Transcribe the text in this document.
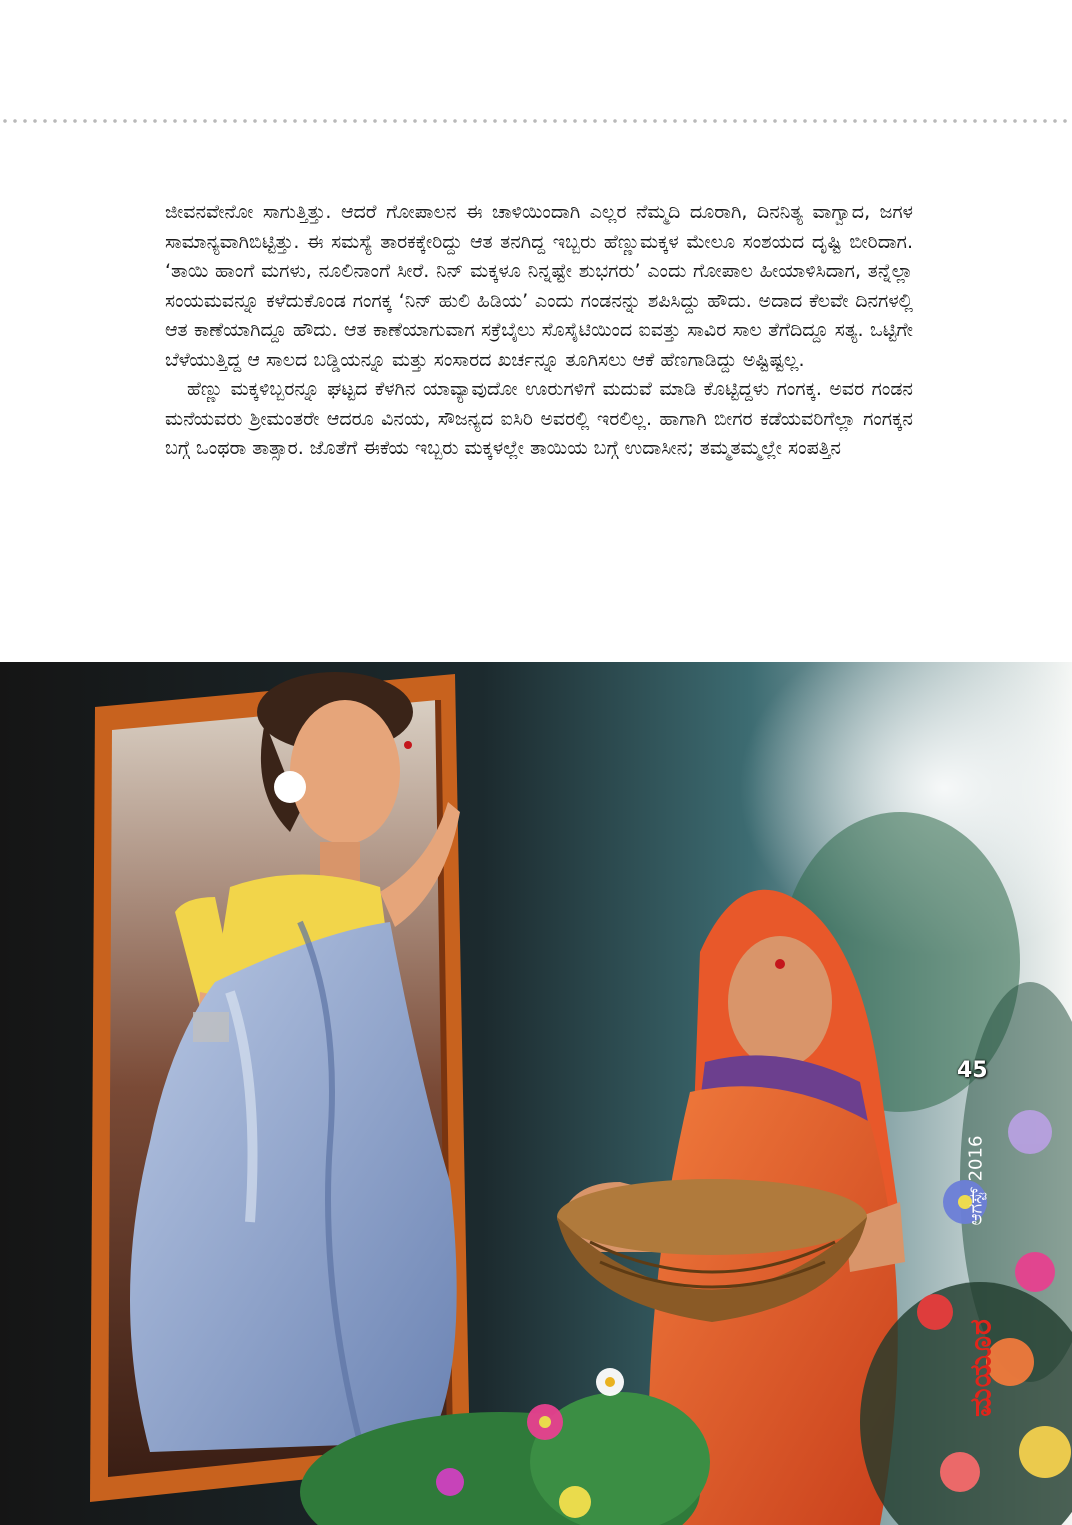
ಜೀವನವೇನೋ ಸಾಗುತ್ತಿತ್ತು. ಆದರೆ ಗೋಪಾಲನ ಈ ಚಾಳಿಯಿಂದಾಗಿ ಎಲ್ಲರ ನೆಮ್ಮದಿ ದೂರಾಗಿ, ದಿನನಿತ್ಯ ವಾಗ್ವಾದ, ಜಗಳ ಸಾಮಾನ್ಯವಾಗಿಬಿಟ್ಟಿತ್ತು. ಈ ಸಮಸ್ಯೆ ತಾರಕಕ್ಕೇರಿದ್ದು ಆತ ತನಗಿದ್ದ ಇಬ್ಬರು ಹೆಣ್ಣುಮಕ್ಕಳ ಮೇಲೂ ಸಂಶಯದ ದೃಷ್ಟಿ ಬೀರಿದಾಗ. ‘ತಾಯಿ ಹಾಂಗೆ ಮಗಳು, ನೂಲಿನಾಂಗೆ ಸೀರೆ. ನಿನ್ ಮಕ್ಕಳೂ ನಿನ್ನಷ್ಟೇ ಶುಭಗರು’ ಎಂದು ಗೋಪಾಲ ಹೀಯಾಳಿಸಿದಾಗ, ತನ್ನೆಲ್ಲಾ ಸಂಯಮವನ್ನೂ ಕಳೆದುಕೊಂಡ ಗಂಗಕ್ಕ ‘ನಿನ್ ಹುಲಿ ಹಿಡಿಯ’ ಎಂದು ಗಂಡನನ್ನು ಶಪಿಸಿದ್ದು ಹೌದು. ಅದಾದ ಕೆಲವೇ ದಿನಗಳಲ್ಲಿ ಆತ ಕಾಣೆಯಾಗಿದ್ದೂ ಹೌದು. ಆತ ಕಾಣೆಯಾಗುವಾಗ ಸಕ್ರೆಬೈಲು ಸೊಸೈಟಿಯಿಂದ ಐವತ್ತು ಸಾವಿರ ಸಾಲ ತೆಗೆದಿದ್ದೂ ಸತ್ಯ. ಒಟ್ಟಿಗೇ ಬೆಳೆಯುತ್ತಿದ್ದ ಆ ಸಾಲದ ಬಡ್ಡಿಯನ್ನೂ ಮತ್ತು ಸಂಸಾರದ ಖರ್ಚನ್ನೂ ತೂಗಿಸಲು ಆಕೆ ಹೆಣಗಾಡಿದ್ದು ಅಷ್ಟಿಷ್ಟಲ್ಲ.

ಹೆಣ್ಣು ಮಕ್ಕಳಿಬ್ಬರನ್ನೂ ಘಟ್ಟದ ಕೆಳಗಿನ ಯಾವ್ಯಾವುದೋ ಊರುಗಳಿಗೆ ಮದುವೆ ಮಾಡಿ ಕೊಟ್ಟಿದ್ದಳು ಗಂಗಕ್ಕ. ಅವರ ಗಂಡನ ಮನೆಯವರು ಶ್ರೀಮಂತರೇ ಆದರೂ ವಿನಯ, ಸೌಜನ್ಯದ ಐಸಿರಿ ಅವರಲ್ಲಿ ಇರಲಿಲ್ಲ. ಹಾಗಾಗಿ ಬೀಗರ ಕಡೆಯವರಿಗೆಲ್ಲಾ ಗಂಗಕ್ಕನ ಬಗ್ಗೆ ಒಂಥರಾ ತಾತ್ಸಾರ. ಜೊತೆಗೆ ಈಕೆಯ ಇಬ್ಬರು ಮಕ್ಕಳಲ್ಲೇ ತಾಯಿಯ ಬಗ್ಗೆ ಉದಾಸೀನ; ತಮ್ಮತಮ್ಮಲ್ಲೇ ಸಂಪತ್ತಿನ

ಆಗಸ್ಟ್ 2016
ಮಯೂರ
45
